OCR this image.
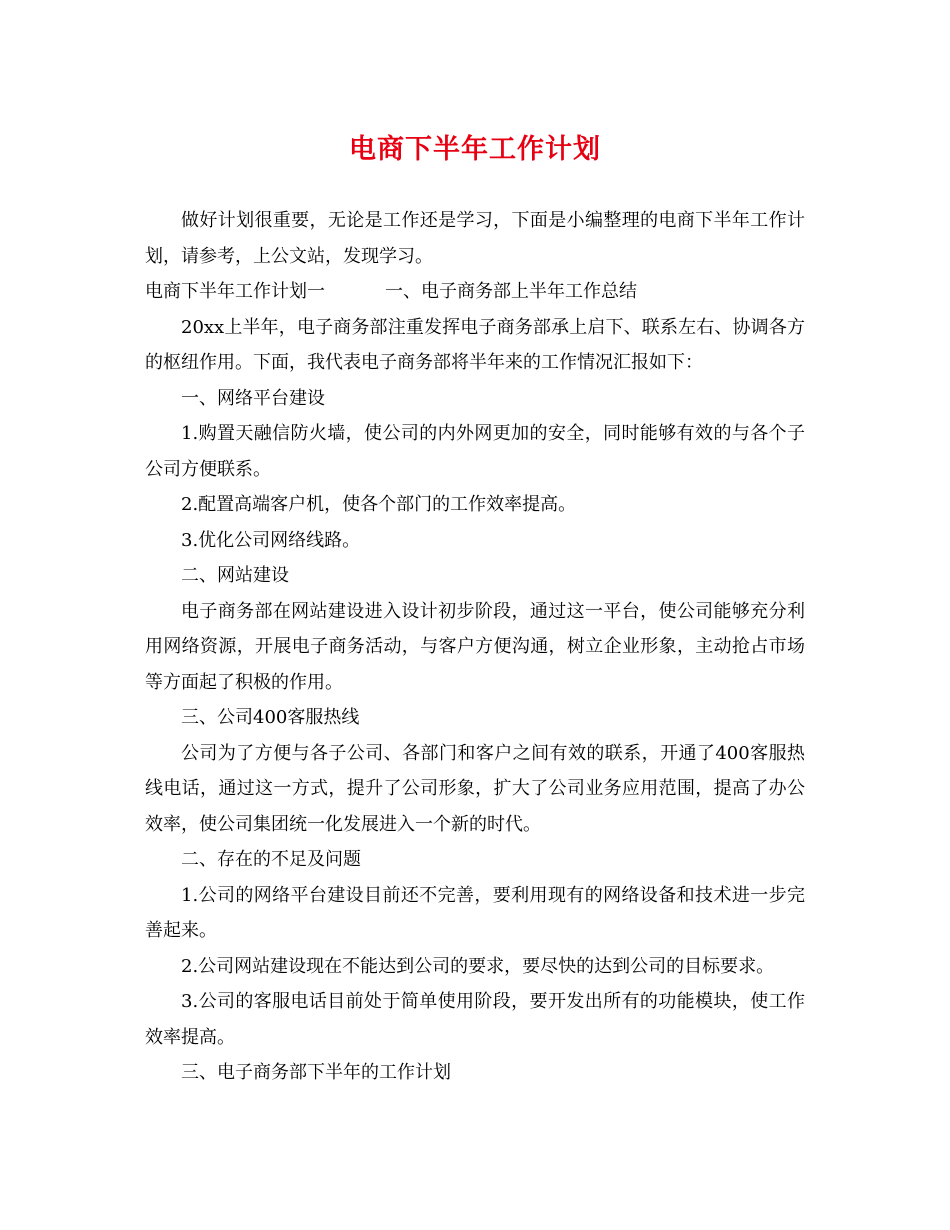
电商下半年工作计划

做好计划很重要，无论是工作还是学习，下面是小编整理的电商下半年工作计划，请参考，上公文站，发现学习。

电商下半年工作计划一	一、电子商务部上半年工作总结

20xx上半年，电子商务部注重发挥电子商务部承上启下、联系左右、协调各方的枢纽作用。下面，我代表电子商务部将半年来的工作情况汇报如下：

一、网络平台建设

1.购置天融信防火墙，使公司的内外网更加的安全，同时能够有效的与各个子公司方便联系。

2.配置高端客户机，使各个部门的工作效率提高。

3.优化公司网络线路。

二、网站建设

电子商务部在网站建设进入设计初步阶段，通过这一平台，使公司能够充分利用网络资源，开展电子商务活动，与客户方便沟通，树立企业形象，主动抢占市场等方面起了积极的作用。

三、公司400客服热线

公司为了方便与各子公司、各部门和客户之间有效的联系，开通了400客服热线电话，通过这一方式，提升了公司形象，扩大了公司业务应用范围，提高了办公效率，使公司集团统一化发展进入一个新的时代。

二、存在的不足及问题

1.公司的网络平台建设目前还不完善，要利用现有的网络设备和技术进一步完善起来。

2.公司网站建设现在不能达到公司的要求，要尽快的达到公司的目标要求。

3.公司的客服电话目前处于简单使用阶段，要开发出所有的功能模块，使工作效率提高。

三、电子商务部下半年的工作计划
